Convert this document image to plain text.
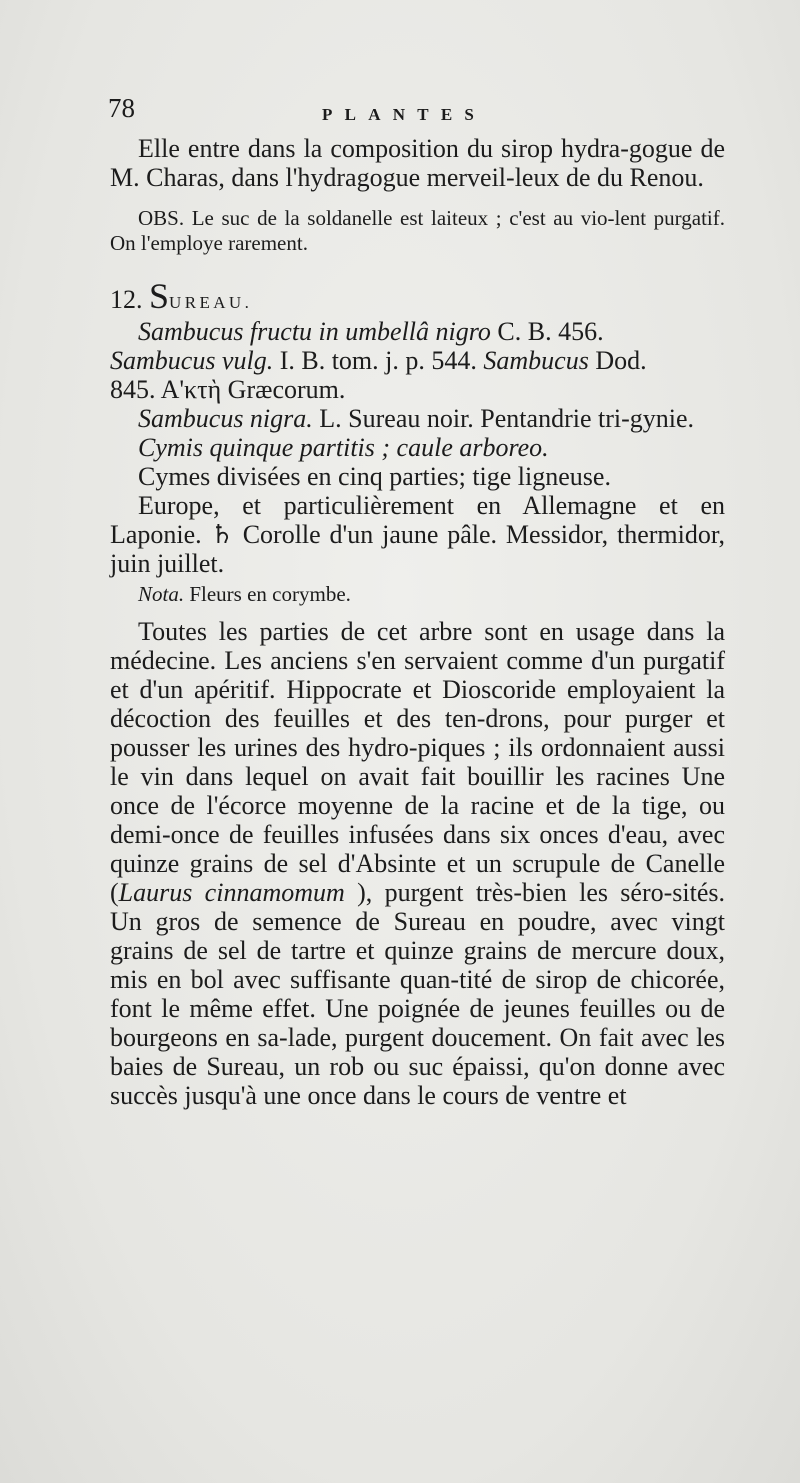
78	PLANTES

Elle entre dans la composition du sirop hydra-gogue de M. Charas, dans l'hydragogue merveil-leux de du Renou.

OBS. Le suc de la soldanelle est laiteux ; c'est au vio-lent purgatif. On l'employe rarement.

12. SUREAU.

Sambucus fructu in umbellâ nigro C. B. 456.

Sambucus vulg. I. B. tom. j. p. 544. Sambucus Dod.

845. Α'κτὴ Græcorum.

Sambucus nigra. L. Sureau noir. Pentandrie tri-gynie.

Cymis quinque partitis ; caule arboreo.

Cymes divisées en cinq parties; tige ligneuse.

Europe, et particulièrement en Allemagne et en Laponie. ♄ Corolle d'un jaune pâle. Messidor, thermidor, juin juillet.

Nota. Fleurs en corymbe.

Toutes les parties de cet arbre sont en usage dans la médecine. Les anciens s'en servaient comme d'un purgatif et d'un apéritif. Hippocrate et Dioscoride employaient la décoction des feuilles et des ten-drons, pour purger et pousser les urines des hydro-piques ; ils ordonnaient aussi le vin dans lequel on avait fait bouillir les racines Une once de l'écorce moyenne de la racine et de la tige, ou demi-once de feuilles infusées dans six onces d'eau, avec quinze grains de sel d'Absinte et un scrupule de Canelle (Laurus cinnamomum ), purgent très-bien les séro-sités. Un gros de semence de Sureau en poudre, avec vingt grains de sel de tartre et quinze grains de mercure doux, mis en bol avec suffisante quan-tité de sirop de chicorée, font le même effet. Une poignée de jeunes feuilles ou de bourgeons en sa-lade, purgent doucement. On fait avec les baies de Sureau, un rob ou suc épaissi, qu'on donne avec succès jusqu'à une once dans le cours de ventre et
